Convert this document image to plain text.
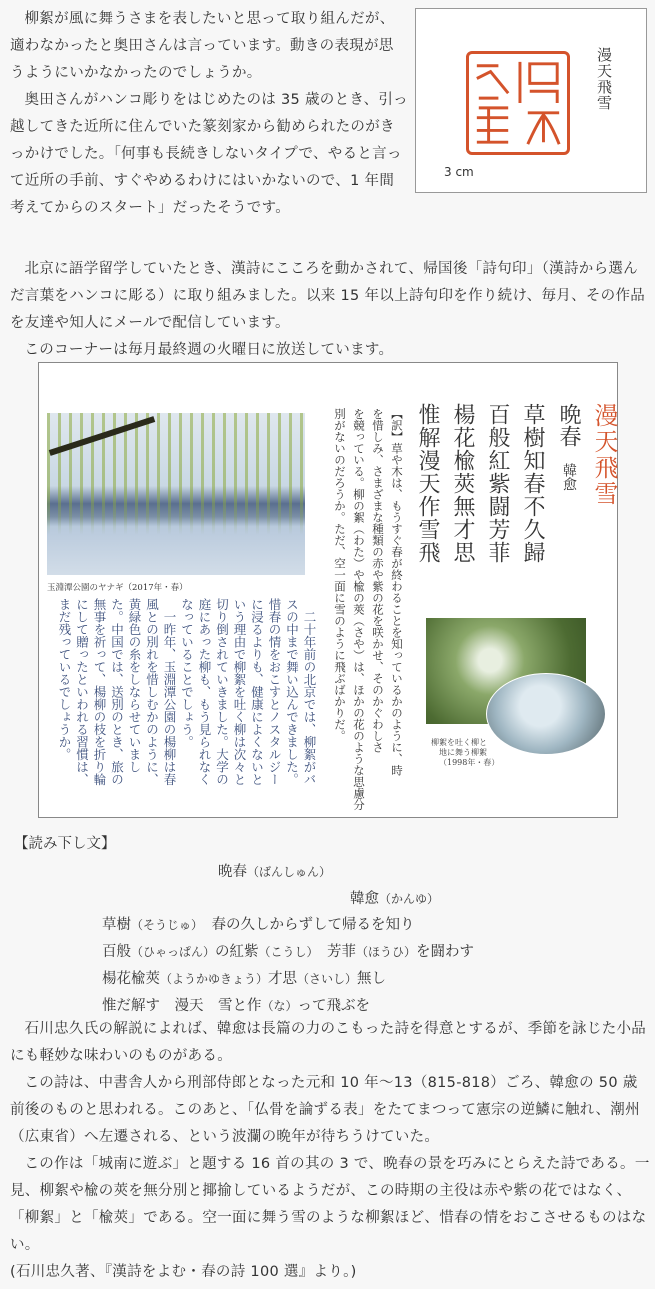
柳絮が風に舞うさまを表したいと思って取り組んだが、適わなかったと奥田さんは言っています。動きの表現が思うようにいかなかったのでしょうか。

奥田さんがハンコ彫りをはじめたのは 35 歳のとき、引っ越してきた近所に住んでいた篆刻家から勧められたのがきっかけでした。「何事も長続きしないタイプで、やると言って近所の手前、すぐやめるわけにはいかないので、1 年間考えてからのスタート」だったそうです。

北京に語学留学していたとき、漢詩にこころを動かされて、帰国後「詩句印」（漢詩から選んだ言葉をハンコに彫る）に取り組みました。以来 15 年以上詩句印を作り続け、毎月、その作品を友達や知人にメールで配信しています。

このコーナーは毎月最終週の火曜日に放送しています。

漫天飛雪
3 cm
玉淵潭公園のヤナギ（2017年・春）
漫天飛雪
晩春
韓愈
草樹知春不久歸
百般紅紫闘芳菲
楊花楡莢無才思
惟解漫天作雪飛
【訳】草や木は、もうすぐ春が終わることを知っているかのように、時
を惜しみ、さまざまな種類の赤や紫の花を咲かせ、そのかぐわしさ
を競っている。柳の絮（わた）や楡の莢（さや）は、ほかの花のような思慮分
別がないのだろうか。ただ、空一面に雪のように飛ぶばかりだ。
　二十年前の北京では、柳絮がバ
スの中まで舞い込んできました。
惜春の情をおこすとノスタルジー
に浸るよりも、健康によくないと
いう理由で柳絮を吐く柳は次々と
切り倒されていきました。大学の
庭にあった柳も、もう見られなく
なっていることでしょう。
　一昨年、玉淵潭公園の楊柳は春
風との別れを惜しむかのように、
黄緑色の糸をしならせていまし
た。中国では、送別のとき、旅の
無事を祈って、楊柳の枝を折り輪
にして贈ったといわれる習慣は、
まだ残っているでしょうか。	柳絮を吐く柳と
地に舞う柳絮
（1998年・春）
【読み下し文】
晩春（ばんしゅん）
韓愈（かんゆ）
草樹（そうじゅ）　春の久しからずして帰るを知り
百般（ひゃっぱん）の紅紫（こうし）　芳菲（ほうひ）を闘わす
楊花楡莢（ようかゆきょう）才思（さいし）無し
惟だ解す　漫天　雪と作（な）って飛ぶを

石川忠久氏の解説によれば、韓愈は長篇の力のこもった詩を得意とするが、季節を詠じた小品にも軽妙な味わいのものがある。

この詩は、中書舎人から刑部侍郎となった元和 10 年〜13（815-818）ごろ、韓愈の 50 歳前後のものと思われる。このあと、「仏骨を論ずる表」をたてまつって憲宗の逆鱗に触れ、潮州（広東省）へ左遷される、という波瀾の晩年が待ちうけていた。

この作は「城南に遊ぶ」と題する 16 首の其の 3 で、晩春の景を巧みにとらえた詩である。一見、柳絮や楡の莢を無分別と揶揄しているようだが、この時期の主役は赤や紫の花ではなく、「柳絮」と「楡莢」である。空一面に舞う雪のような柳絮ほど、惜春の情をおこさせるものはない。

(石川忠久著、『漢詩をよむ・春の詩 100 選』より。)
